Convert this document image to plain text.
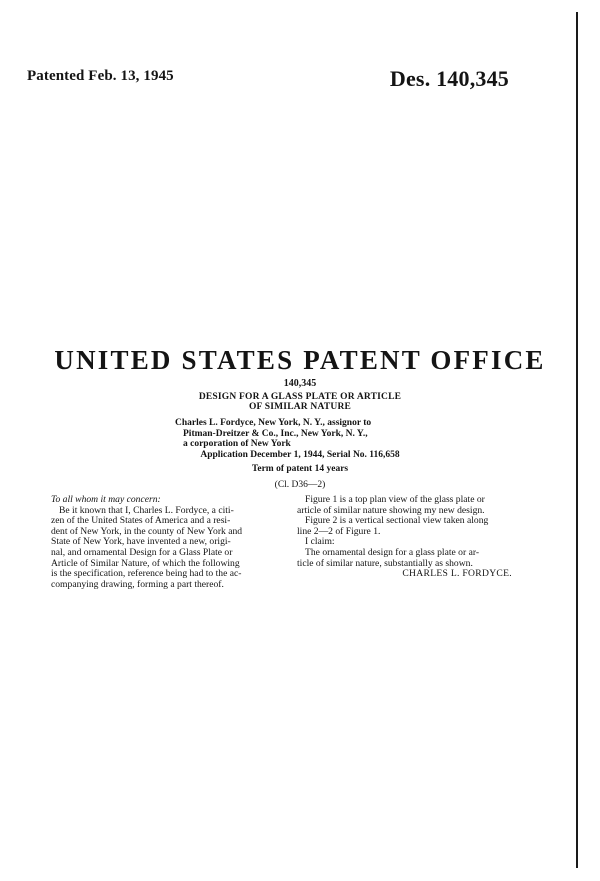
Patented Feb. 13, 1945	Des. 140,345
UNITED STATES PATENT OFFICE
140,345
DESIGN FOR A GLASS PLATE OR ARTICLE
OF SIMILAR NATURE
Charles L. Fordyce, New York, N. Y., assignor to
Pitman-Dreitzer & Co., Inc., New York, N. Y.,
a corporation of New York
Application December 1, 1944, Serial No. 116,658
Term of patent 14 years
(Cl. D36—2)

To all whom it may concern:

Be it known that I, Charles L. Fordyce, a citi-

zen of the United States of America and a resi-

dent of New York, in the county of New York and

State of New York, have invented a new, origi-

nal, and ornamental Design for a Glass Plate or

Article of Similar Nature, of which the following

is the specification, reference being had to the ac-

companying drawing, forming a part thereof.

Figure 1 is a top plan view of the glass plate or

article of similar nature showing my new design.

Figure 2 is a vertical sectional view taken along

line 2—2 of Figure 1.

I claim:

The ornamental design for a glass plate or ar-

ticle of similar nature, substantially as shown.

CHARLES L. FORDYCE.
